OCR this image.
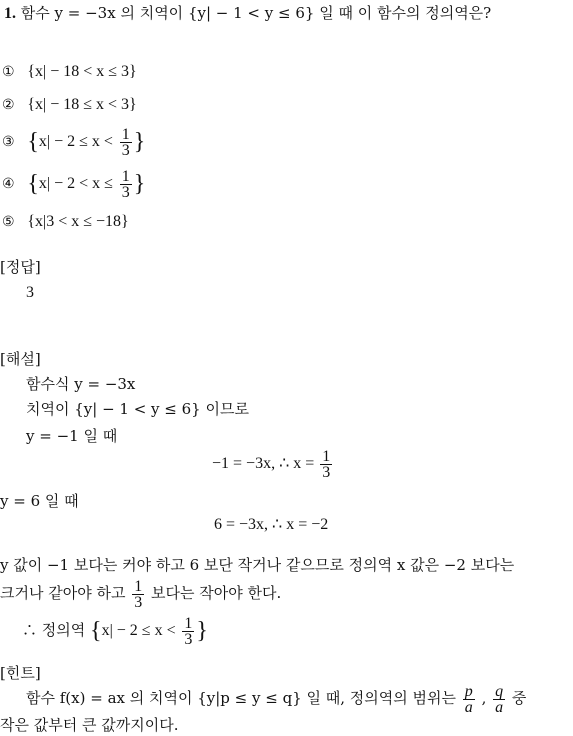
1. 함수 y = −3x 의 치역이 {y| − 1 < y ≤ 6} 일 때 이 함수의 정의역은?
① {x| − 18 < x ≤ 3}
② {x| − 18 ≤ x < 3}
③ {$x| - 2 \le x < \frac{1}{3}$ }
④ {$x| - 2 < x \le \frac{1}{3}$ }
⑤ {x|3 < x ≤ −18}
[정답]
3
[해설]
함수식 y = −3x
치역이 {y| − 1 < y ≤ 6} 이므로
y = −1 일 때
−1 = −3x, ∴ $x = \frac{1}{3}$
y = 6 일 때
6 = −3x, ∴ x = −2
y 값이 −1 보다는 커야 하고 6 보단 작거나 같으므로 정의역 x 값은 −2 보다는
크거나 같아야 하고 $\frac{1}{3}$ 보다는 작아야 한다.
∴ 정의역 {$x| - 2 \le x < \frac{1}{3}$ }
[힌트]
함수 f(x) = ax 의 치역이 {y|p ≤ y ≤ q} 일 때, 정의역의 범위는 $\frac{p}{a}$ , $\frac{q}{a}$ 중
작은 값부터 큰 값까지이다.
